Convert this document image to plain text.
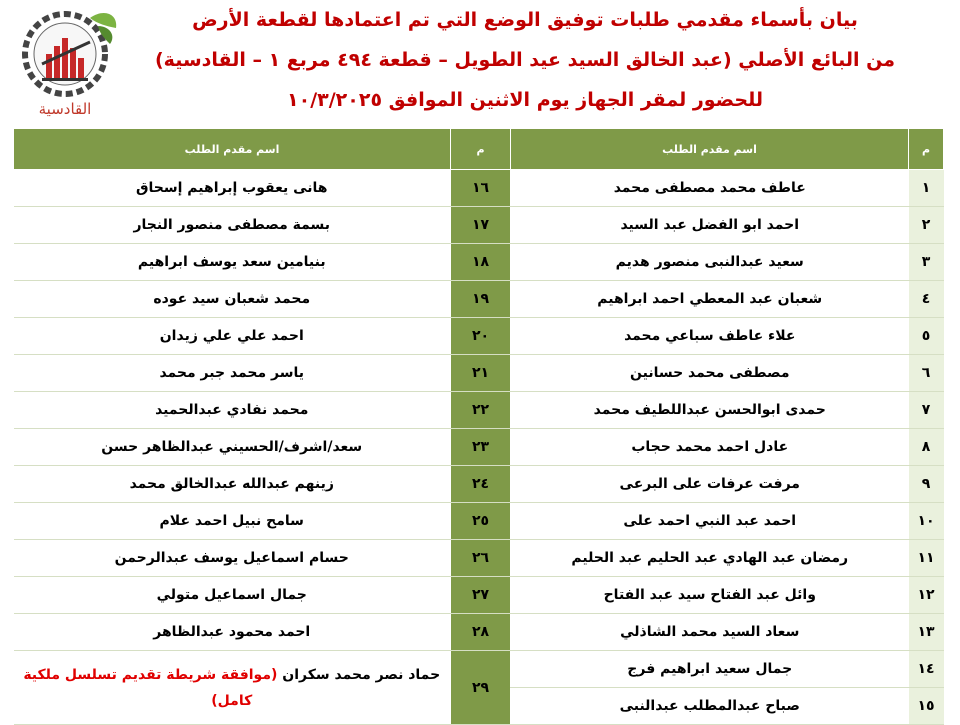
القادسية
بيان بأسماء مقدمي طلبات توفيق الوضع التي تم اعتمادها لقطعة الأرض
من البائع الأصلي (عبد الخالق السيد عيد الطويل – قطعة ٤٩٤ مربع ١ – القادسية)
للحضور لمقر الجهاز يوم الاثنين الموافق ١٠/٣/٢٠٢٥
م	اسم مقدم الطلب	م	اسم مقدم الطلب
١	عاطف محمد مصطفى محمد	١٦	هانى يعقوب إبراهيم إسحاق
٢	احمد ابو الفضل عبد السيد	١٧	بسمة مصطفى منصور النجار
٣	سعيد عبدالنبى منصور هديم	١٨	بنيامين سعد يوسف ابراهيم
٤	شعبان عبد المعطي احمد ابراهيم	١٩	محمد شعبان سيد عوده
٥	علاء عاطف سباعي محمد	٢٠	احمد علي علي زيدان
٦	مصطفى محمد حسانين	٢١	ياسر محمد جبر محمد
٧	حمدى ابوالحسن عبداللطيف محمد	٢٢	محمد نفادي عبدالحميد
٨	عادل احمد محمد حجاب	٢٣	سعد/اشرف/الحسيني عبدالظاهر حسن
٩	مرفت عرفات على البرعى	٢٤	زينهم عبدالله عبدالخالق محمد
١٠	احمد عبد النبي احمد على	٢٥	سامح نبيل احمد علام
١١	رمضان عبد الهادي عبد الحليم عبد الحليم	٢٦	حسام اسماعيل يوسف عبدالرحمن
١٢	وائل عبد الفتاح سيد عبد الفتاح	٢٧	جمال اسماعيل متولي
١٣	سعاد السيد محمد الشاذلي	٢٨	احمد محمود عبدالظاهر
١٤	جمال سعيد ابراهيم فرج	٢٩	حماد نصر محمد سكران (موافقة شريطة تقديم تسلسل ملكية كامل)
١٥	صباح عبدالمطلب عبدالنبى		
